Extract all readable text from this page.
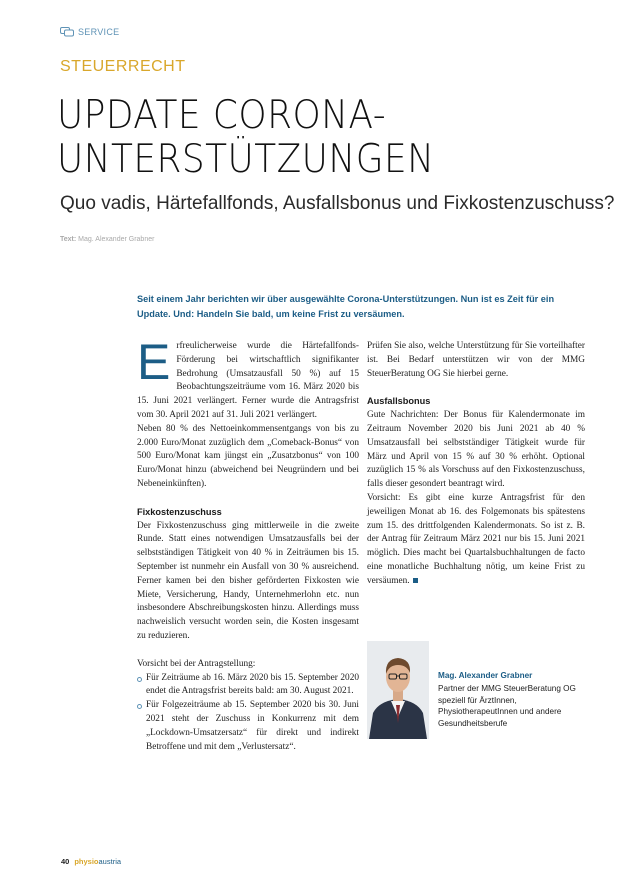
SERVICE
STEUERRECHT
UPDATE CORONA-
UNTERSTÜTZUNGEN
Quo vadis, Härtefallfonds, Ausfallsbonus und Fixkostenzuschuss?
Text: Mag. Alexander Grabner
Seit einem Jahr berichten wir über ausgewählte Corona-Unterstützungen. Nun ist es Zeit für ein Update. Und: Handeln Sie bald, um keine Frist zu versäumen.

Erfreulicherweise wurde die Härtefallfonds-Förderung bei wirtschaftlich signifikanter Bedrohung (Umsatzausfall 50 %) auf 15 Beobachtungszeiträume vom 16. März 2020 bis 15. Juni 2021 verlängert. Ferner wurde die Antragsfrist vom 30. April 2021 auf 31. Juli 2021 verlängert.

Neben 80 % des Nettoeinkommensentgangs von bis zu 2.000 Euro/Monat zuzüglich dem „Comeback-Bonus“ von 500 Euro/Monat kam jüngst ein „Zusatzbonus“ von 100 Euro/Monat hinzu (abweichend bei Neugründern und bei Nebeneinkünften).

Fixkostenzuschuss

Der Fixkostenzuschuss ging mittlerweile in die zweite Runde. Statt eines notwendigen Umsatzausfalls bei der selbstständigen Tätigkeit von 40 % in Zeiträumen bis 15. September ist nunmehr ein Ausfall von 30 % ausreichend. Ferner kamen bei den bisher geförderten Fixkosten wie Miete, Versicherung, Handy, Unternehmerlohn etc. nun insbesondere Abschreibungskosten hinzu. Allerdings muss nachweislich versucht worden sein, die Kosten insgesamt zu reduzieren.

Vorsicht bei der Antragstellung:

Für Zeiträume ab 16. März 2020 bis 15. September 2020 endet die Antragsfrist bereits bald: am 30. August 2021.
Für Folgezeiträume ab 15. September 2020 bis 30. Juni 2021 steht der Zuschuss in Konkurrenz mit dem „Lockdown-Umsatzersatz“ für direkt und indirekt Betroffene und mit dem „Verlustersatz“.

Prüfen Sie also, welche Unterstützung für Sie vorteilhafter ist. Bei Bedarf unterstützen wir von der MMG SteuerBeratung OG Sie hierbei gerne.

Ausfallsbonus

Gute Nachrichten: Der Bonus für Kalendermonate im Zeitraum November 2020 bis Juni 2021 ab 40 % Umsatzausfall bei selbstständiger Tätigkeit wurde für März und April von 15 % auf 30 % erhöht. Optional zuzüglich 15 % als Vorschuss auf den Fixkostenzuschuss, falls dieser gesondert beantragt wird.

Vorsicht: Es gibt eine kurze Antragsfrist für den jeweiligen Monat ab 16. des Folgemonats bis spätestens zum 15. des drittfolgenden Kalendermonats. So ist z. B. der Antrag für Zeitraum März 2021 nur bis 15. Juni 2021 möglich. Dies macht bei Quartalsbuchhaltungen de facto eine monatliche Buchhaltung nötig, um keine Frist zu versäumen.

Mag. Alexander Grabner
Partner der MMG SteuerBeratung OG speziell für ÄrztInnen, PhysiotherapeutInnen und andere Gesundheitsberufe
40 physioaustria
